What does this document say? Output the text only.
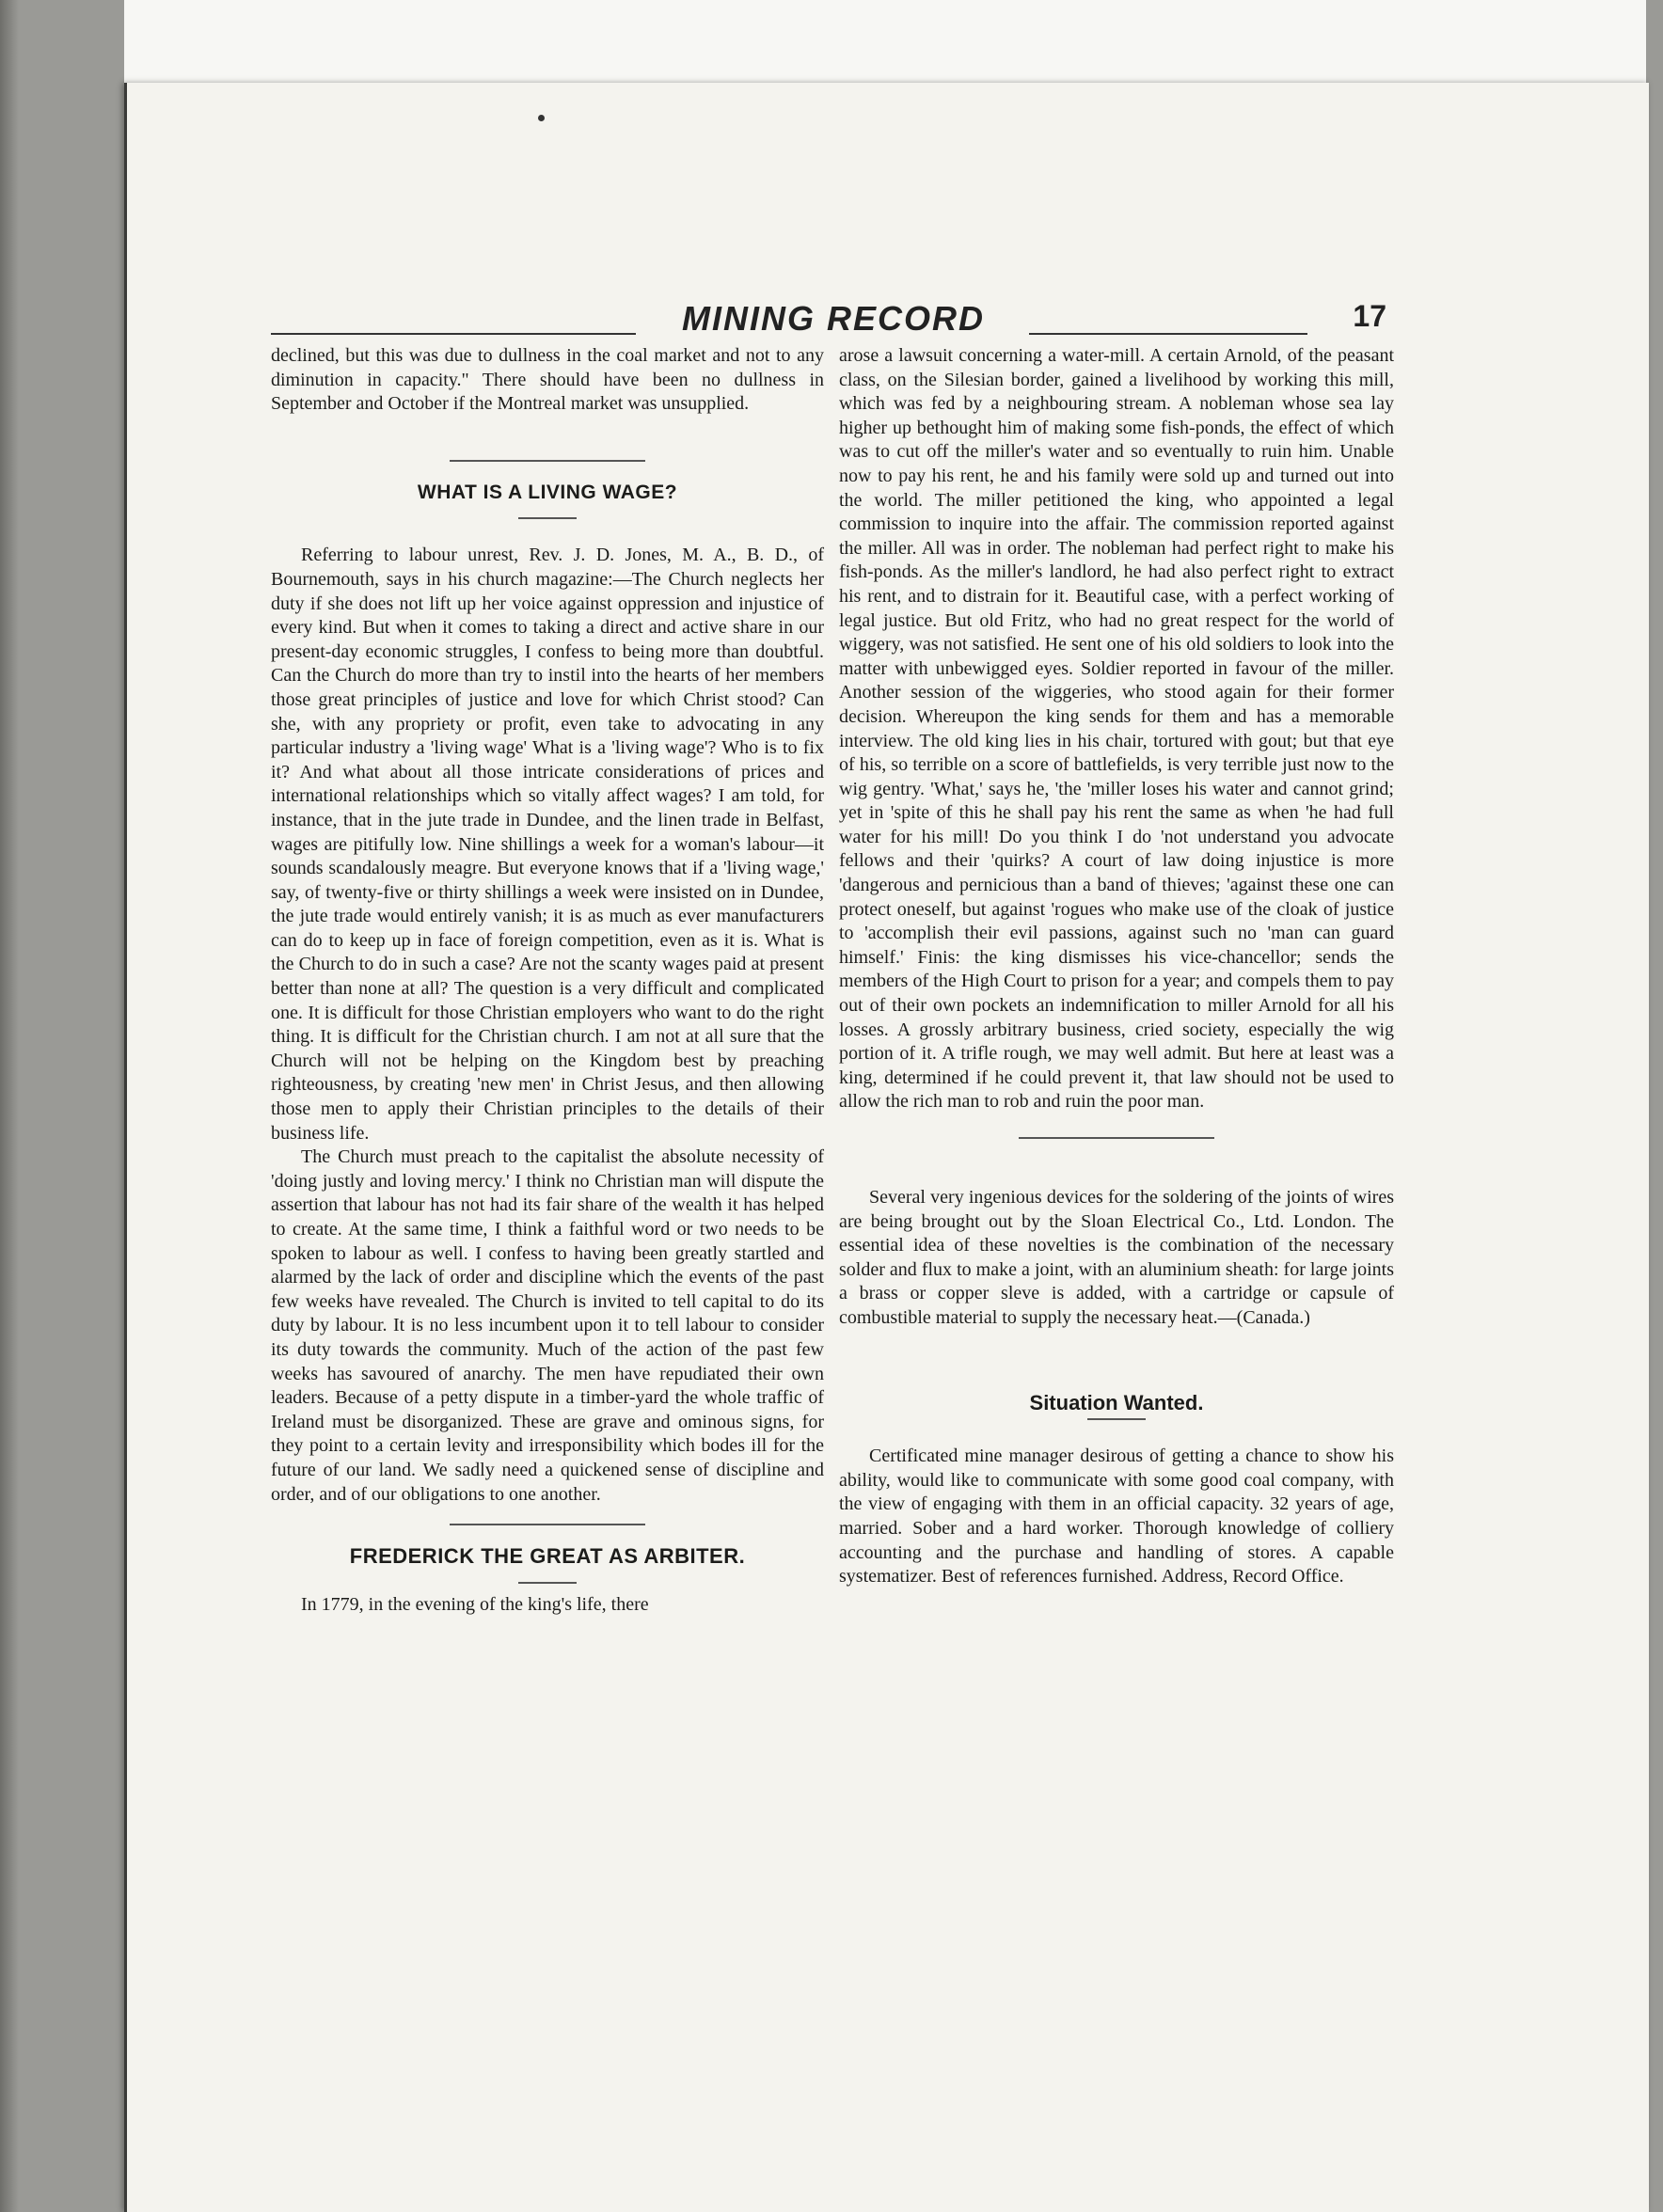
MINING RECORD	17

declined, but this was due to dullness in the coal market and not to any diminution in capacity." There should have been no dullness in September and October if the Montreal market was unsupplied.

WHAT IS A LIVING WAGE?

Referring to labour unrest, Rev. J. D. Jones, M. A., B. D., of Bournemouth, says in his church magazine:—The Church neglects her duty if she does not lift up her voice against oppression and injustice of every kind. But when it comes to taking a direct and active share in our present-day economic struggles, I confess to being more than doubtful. Can the Church do more than try to instil into the hearts of her members those great principles of justice and love for which Christ stood? Can she, with any propriety or profit, even take to advocating in any particular industry a 'living wage' What is a 'living wage'? Who is to fix it? And what about all those intricate considerations of prices and international relationships which so vitally affect wages? I am told, for instance, that in the jute trade in Dundee, and the linen trade in Belfast, wages are pitifully low. Nine shillings a week for a woman's labour—it sounds scandalously meagre. But everyone knows that if a 'living wage,' say, of twenty-five or thirty shillings a week were insisted on in Dundee, the jute trade would entirely vanish; it is as much as ever manufacturers can do to keep up in face of foreign competition, even as it is. What is the Church to do in such a case? Are not the scanty wages paid at present better than none at all? The question is a very difficult and complicated one. It is difficult for those Christian employers who want to do the right thing. It is difficult for the Christian church. I am not at all sure that the Church will not be helping on the Kingdom best by preaching righteousness, by creating 'new men' in Christ Jesus, and then allowing those men to apply their Christian principles to the details of their business life.

The Church must preach to the capitalist the absolute necessity of 'doing justly and loving mercy.' I think no Christian man will dispute the assertion that labour has not had its fair share of the wealth it has helped to create. At the same time, I think a faithful word or two needs to be spoken to labour as well. I confess to having been greatly startled and alarmed by the lack of order and discipline which the events of the past few weeks have revealed. The Church is invited to tell capital to do its duty by labour. It is no less incumbent upon it to tell labour to consider its duty towards the community. Much of the action of the past few weeks has savoured of anarchy. The men have repudiated their own leaders. Because of a petty dispute in a timber-yard the whole traffic of Ireland must be disorganized. These are grave and ominous signs, for they point to a certain levity and irresponsibility which bodes ill for the future of our land. We sadly need a quickened sense of discipline and order, and of our obligations to one another.

FREDERICK THE GREAT AS ARBITER.

In 1779, in the evening of the king's life, there

arose a lawsuit concerning a water-mill. A certain Arnold, of the peasant class, on the Silesian border, gained a livelihood by working this mill, which was fed by a neighbouring stream. A nobleman whose sea lay higher up bethought him of making some fish-ponds, the effect of which was to cut off the miller's water and so eventually to ruin him. Unable now to pay his rent, he and his family were sold up and turned out into the world. The miller petitioned the king, who appointed a legal commission to inquire into the affair. The commission reported against the miller. All was in order. The nobleman had perfect right to make his fish-ponds. As the miller's landlord, he had also perfect right to extract his rent, and to distrain for it. Beautiful case, with a perfect working of legal justice. But old Fritz, who had no great respect for the world of wiggery, was not satisfied. He sent one of his old soldiers to look into the matter with unbewigged eyes. Soldier reported in favour of the miller. Another session of the wiggeries, who stood again for their former decision. Whereupon the king sends for them and has a memorable interview. The old king lies in his chair, tortured with gout; but that eye of his, so terrible on a score of battlefields, is very terrible just now to the wig gentry. 'What,' says he, 'the 'miller loses his water and cannot grind; yet in 'spite of this he shall pay his rent the same as when 'he had full water for his mill! Do you think I do 'not understand you advocate fellows and their 'quirks? A court of law doing injustice is more 'dangerous and pernicious than a band of thieves; 'against these one can protect oneself, but against 'rogues who make use of the cloak of justice to 'accomplish their evil passions, against such no 'man can guard himself.' Finis: the king dismisses his vice-chancellor; sends the members of the High Court to prison for a year; and compels them to pay out of their own pockets an indemnification to miller Arnold for all his losses. A grossly arbitrary business, cried society, especially the wig portion of it. A trifle rough, we may well admit. But here at least was a king, determined if he could prevent it, that law should not be used to allow the rich man to rob and ruin the poor man.

Several very ingenious devices for the soldering of the joints of wires are being brought out by the Sloan Electrical Co., Ltd. London. The essential idea of these novelties is the combination of the necessary solder and flux to make a joint, with an aluminium sheath: for large joints a brass or copper sleve is added, with a cartridge or capsule of combustible material to supply the necessary heat.—(Canada.)

Situation Wanted.

Certificated mine manager desirous of getting a chance to show his ability, would like to communicate with some good coal company, with the view of engaging with them in an official capacity. 32 years of age, married. Sober and a hard worker. Thorough knowledge of colliery accounting and the purchase and handling of stores. A capable systematizer. Best of references furnished. Address, Record Office.
